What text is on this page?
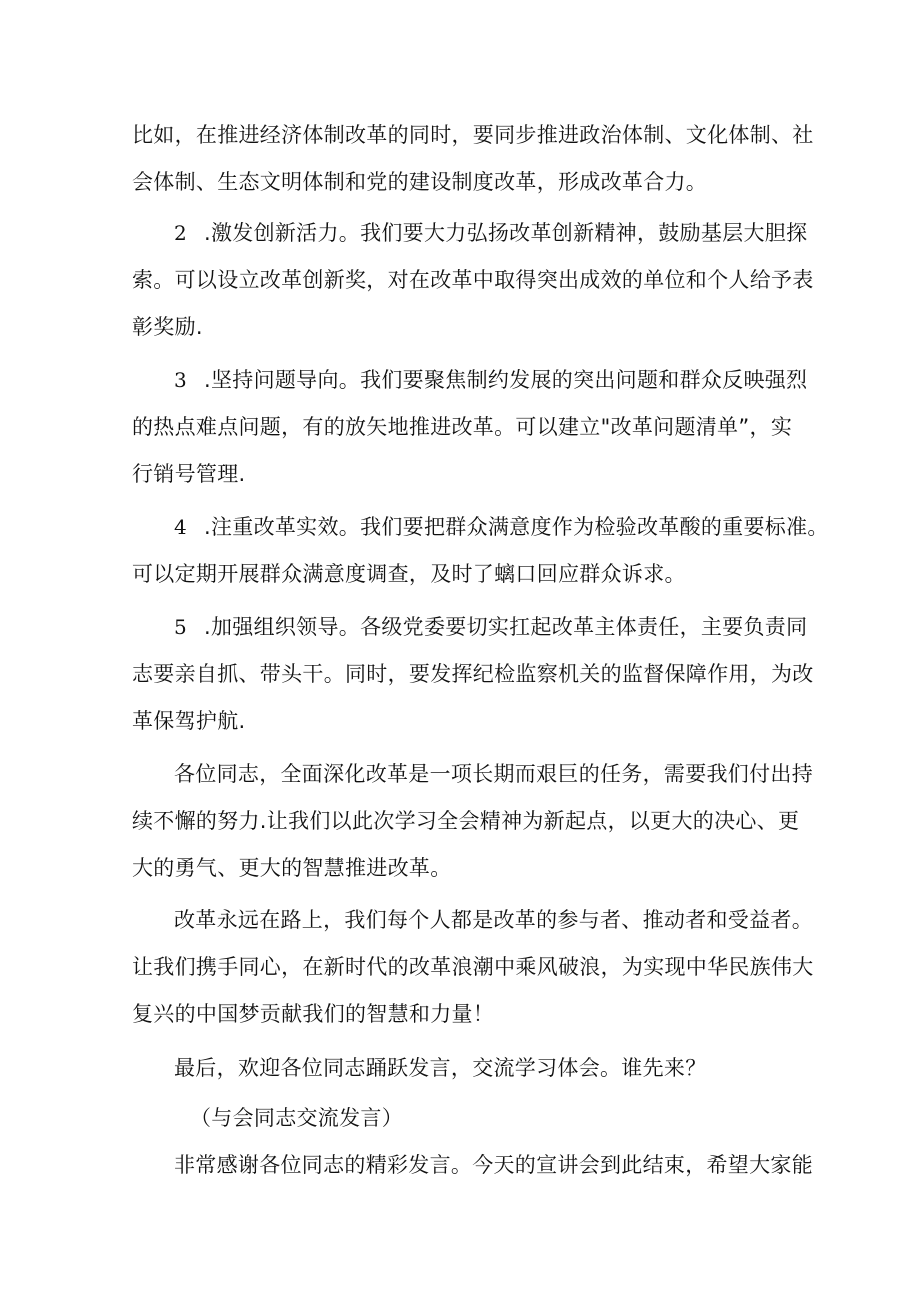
比如，在推进经济体制改革的同时，要同步推进政治体制、文化体制、社
会体制、生态文明体制和党的建设制度改革，形成改革合力。

2 .激发创新活力。我们要大力弘扬改革创新精神，鼓励基层大胆探
索。可以设立改革创新奖，对在改革中取得突出成效的单位和个人给予表
彰奖励.

3 .坚持问题导向。我们要聚焦制约发展的突出问题和群众反映强烈
的热点难点问题，有的放矢地推进改革。可以建立"改革问题清单”，实
行销号管理.

4 .注重改革实效。我们要把群众满意度作为检验改革酸的重要标准。
可以定期开展群众满意度调查，及时了螭口回应群众诉求。

5 .加强组织领导。各级党委要切实扛起改革主体责任，主要负责同
志要亲自抓、带头干。同时，要发挥纪检监察机关的监督保障作用，为改
革保驾护航.

各位同志，全面深化改革是一项长期而艰巨的任务，需要我们付出持
续不懈的努力.让我们以此次学习全会精神为新起点，以更大的决心、更
大的勇气、更大的智慧推进改革。

改革永远在路上，我们每个人都是改革的参与者、推动者和受益者。
让我们携手同心，在新时代的改革浪潮中乘风破浪，为实现中华民族伟大
复兴的中国梦贡献我们的智慧和力量！

最后，欢迎各位同志踊跃发言，交流学习体会。谁先来？

（与会同志交流发言）

非常感谢各位同志的精彩发言。今天的宣讲会到此结束，希望大家能
